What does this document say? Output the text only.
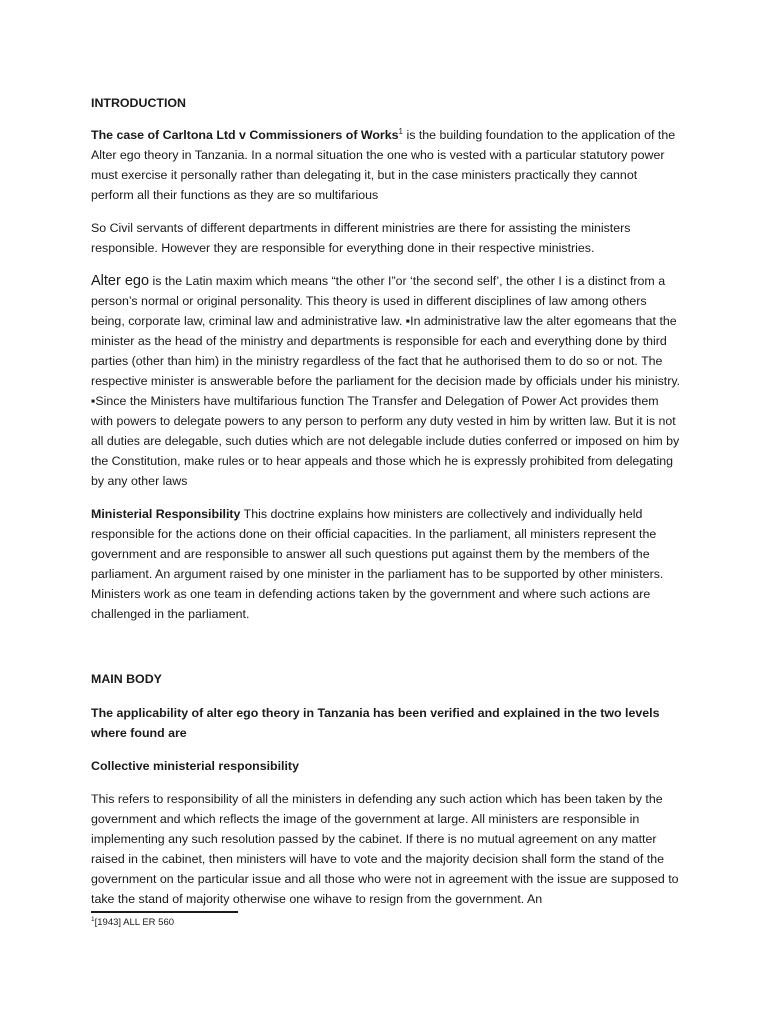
INTRODUCTION

The case of Carltona Ltd v Commissioners of Works$^1$ is the building foundation to the application of the Alter ego theory in Tanzania. In a normal situation the one who is vested with a particular statutory power must exercise it personally rather than delegating it, but in the case ministers practically they cannot perform all their functions as they are so multifarious

So Civil servants of different departments in different ministries are there for assisting the ministers responsible. However they are responsible for everything done in their respective ministries.

Alter ego is the Latin maxim which means “the other I”or ‘the second self’, the other I is a distinct from a person’s normal or original personality. This theory is used in different disciplines of law among others being, corporate law, criminal law and administrative law. ▪In administrative law the alter egomeans that the minister as the head of the ministry and departments is responsible for each and everything done by third parties (other than him) in the ministry regardless of the fact that he authorised them to do so or not. The respective minister is answerable before the parliament for the decision made by officials under his ministry. ▪Since the Ministers have multifarious function The Transfer and Delegation of Power Act provides them with powers to delegate powers to any person to perform any duty vested in him by written law. But it is not all duties are delegable, such duties which are not delegable include duties conferred or imposed on him by the Constitution, make rules or to hear appeals and those which he is expressly prohibited from delegating by any other laws

Ministerial Responsibility This doctrine explains how ministers are collectively and individually held responsible for the actions done on their official capacities. In the parliament, all ministers represent the government and are responsible to answer all such questions put against them by the members of the parliament. An argument raised by one minister in the parliament has to be supported by other ministers. Ministers work as one team in defending actions taken by the government and where such actions are challenged in the parliament.

MAIN BODY

The applicability of alter ego theory in Tanzania has been verified and explained in the two levels where found are

Collective ministerial responsibility

This refers to responsibility of all the ministers in defending any such action which has been taken by the government and which reflects the image of the government at large. All ministers are responsible in implementing any such resolution passed by the cabinet. If there is no mutual agreement on any matter raised in the cabinet, then ministers will have to vote and the majority decision shall form the stand of the government on the particular issue and all those who were not in agreement with the issue are supposed to take the stand of majority otherwise one wihave to resign from the government. An

$^1$[1943] ALL ER 560
